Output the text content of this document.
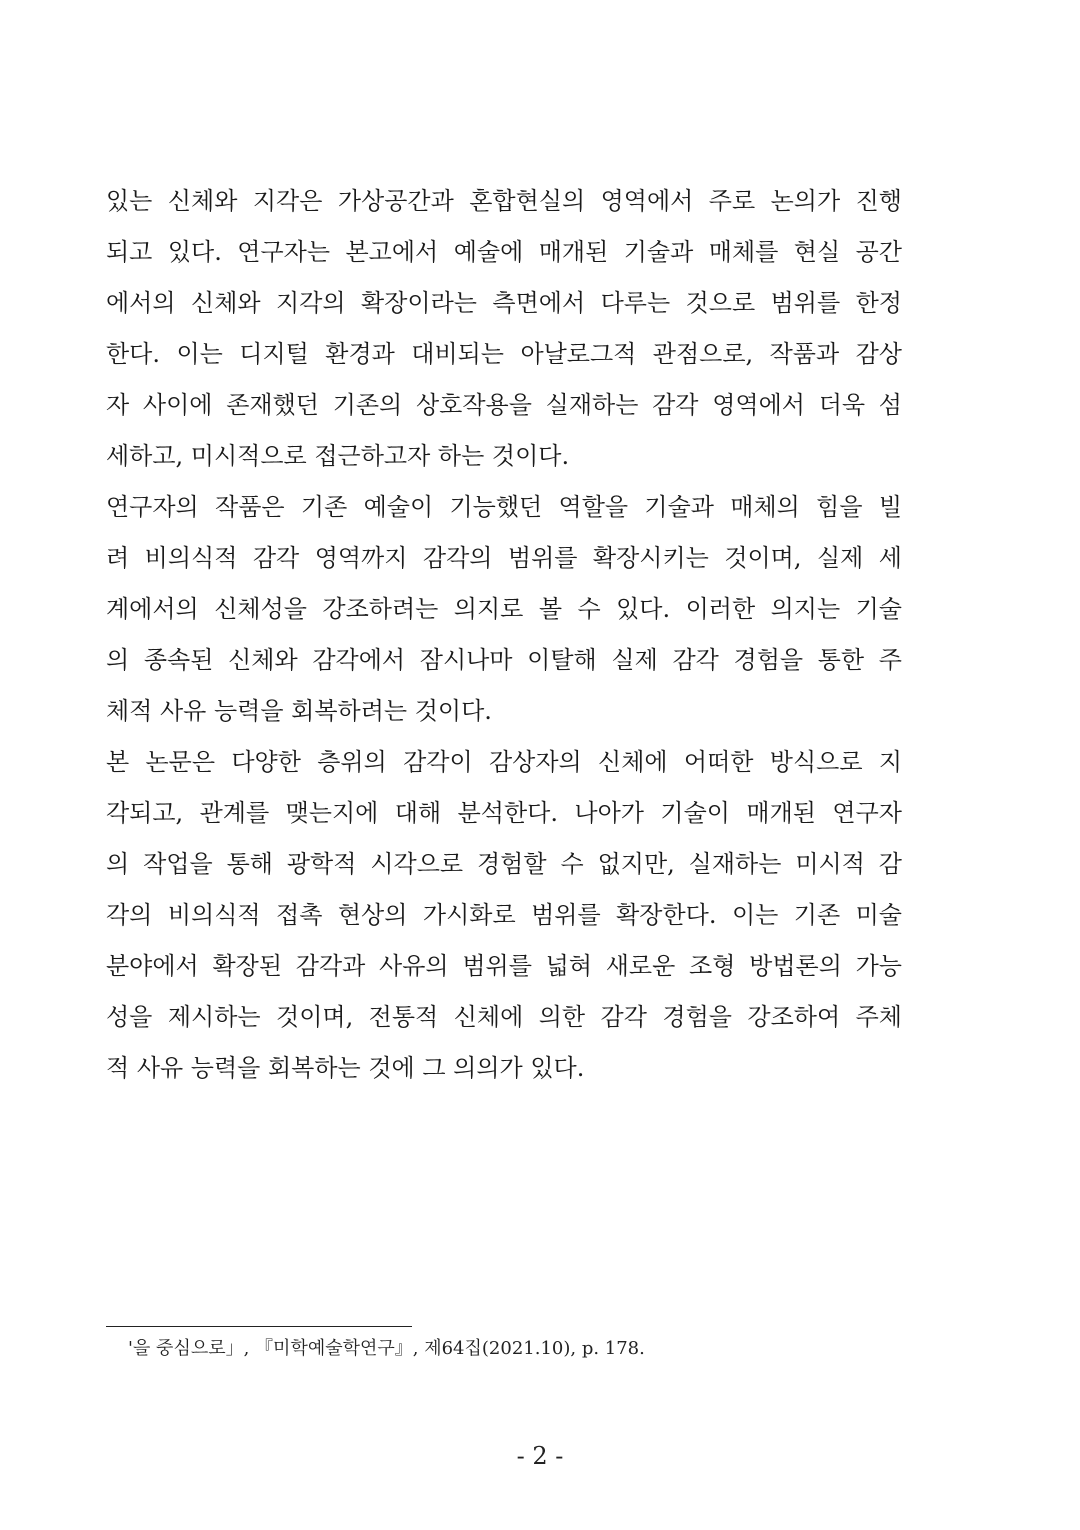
있는 신체와 지각은 가상공간과 혼합현실의 영역에서 주로 논의가 진행
되고 있다. 연구자는 본고에서 예술에 매개된 기술과 매체를 현실 공간
에서의 신체와 지각의 확장이라는 측면에서 다루는 것으로 범위를 한정
한다. 이는 디지털 환경과 대비되는 아날로그적 관점으로, 작품과 감상
자 사이에 존재했던 기존의 상호작용을 실재하는 감각 영역에서 더욱 섬
세하고, 미시적으로 접근하고자 하는 것이다.
연구자의 작품은 기존 예술이 기능했던 역할을 기술과 매체의 힘을 빌
려 비의식적 감각 영역까지 감각의 범위를 확장시키는 것이며, 실제 세
계에서의 신체성을 강조하려는 의지로 볼 수 있다. 이러한 의지는 기술
의 종속된 신체와 감각에서 잠시나마 이탈해 실제 감각 경험을 통한 주
체적 사유 능력을 회복하려는 것이다.
본 논문은 다양한 층위의 감각이 감상자의 신체에 어떠한 방식으로 지
각되고, 관계를 맺는지에 대해 분석한다. 나아가 기술이 매개된 연구자
의 작업을 통해 광학적 시각으로 경험할 수 없지만, 실재하는 미시적 감
각의 비의식적 접촉 현상의 가시화로 범위를 확장한다. 이는 기존 미술
분야에서 확장된 감각과 사유의 범위를 넓혀 새로운 조형 방법론의 가능
성을 제시하는 것이며, 전통적 신체에 의한 감각 경험을 강조하여 주체
적 사유 능력을 회복하는 것에 그 의의가 있다.
'을 중심으로」, 『미학예술학연구』, 제64집(2021.10), p. 178.
- 2 -
